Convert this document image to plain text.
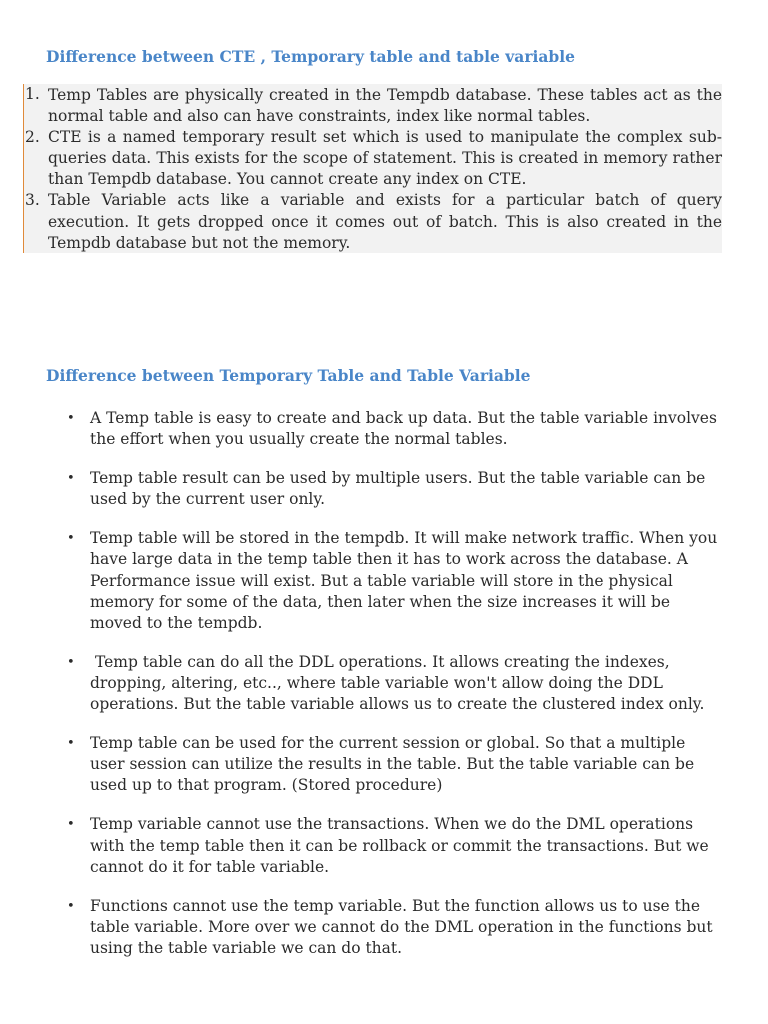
Difference between CTE , Temporary table and table variable
1. Temp Tables are physically created in the Tempdb database. These tables act as the normal table and also can have constraints, index like normal tables.
2. CTE is a named temporary result set which is used to manipulate the complex sub-queries data. This exists for the scope of statement. This is created in memory rather than Tempdb database. You cannot create any index on CTE.
3. Table Variable acts like a variable and exists for a particular batch of query execution. It gets dropped once it comes out of batch. This is also created in the Tempdb database but not the memory.
Difference between Temporary Table and Table Variable
• A Temp table is easy to create and back up data. But the table variable involves the effort when you usually create the normal tables.
• Temp table result can be used by multiple users. But the table variable can be used by the current user only.
• Temp table will be stored in the tempdb. It will make network traffic. When you have large data in the temp table then it has to work across the database. A Performance issue will exist. But a table variable will store in the physical memory for some of the data, then later when the size increases it will be moved to the tempdb.
• Temp table can do all the DDL operations. It allows creating the indexes, dropping, altering, etc.., where table variable won't allow doing the DDL operations. But the table variable allows us to create the clustered index only.
• Temp table can be used for the current session or global. So that a multiple user session can utilize the results in the table. But the table variable can be used up to that program. (Stored procedure)
• Temp variable cannot use the transactions. When we do the DML operations with the temp table then it can be rollback or commit the transactions. But we cannot do it for table variable.
• Functions cannot use the temp variable. But the function allows us to use the table variable. More over we cannot do the DML operation in the functions but using the table variable we can do that.
